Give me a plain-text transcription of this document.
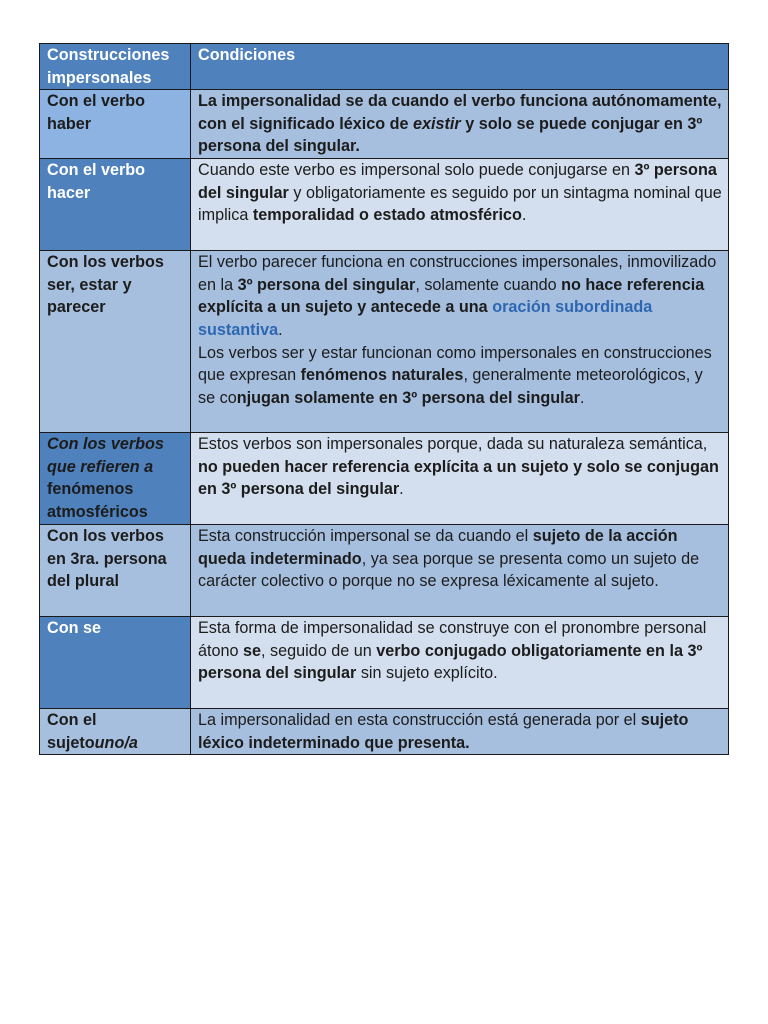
Construcciones impersonales	Condiciones
Con el verbo haber	La impersonalidad se da cuando el verbo funciona autónomamente, con el significado léxico de existir y solo se puede conjugar en 3º persona del singular.
Con el verbo hacer	Cuando este verbo es impersonal solo puede conjugarse en 3º persona del singular y obligatoriamente es seguido por un sintagma nominal que implica temporalidad o estado atmosférico.
Con los verbos ser, estar y parecer	El verbo parecer funciona en construcciones impersonales, inmovilizado en la 3º persona del singular, solamente cuando no hace referencia explícita a un sujeto y antecede a una oración subordinada sustantiva.
Los verbos ser y estar funcionan como impersonales en construcciones que expresan fenómenos naturales, generalmente meteorológicos, y se conjugan solamente en 3º persona del singular.
Con los verbos que refieren a fenómenos atmosféricos	Estos verbos son impersonales porque, dada su naturaleza semántica, no pueden hacer referencia explícita a un sujeto y solo se conjugan en 3º persona del singular.
Con los verbos en 3ra. persona del plural	Esta construcción impersonal se da cuando el sujeto de la acción queda indeterminado, ya sea porque se presenta como un sujeto de carácter colectivo o porque no se expresa léxicamente al sujeto.
Con se	Esta forma de impersonalidad se construye con el pronombre personal átono se, seguido de un verbo conjugado obligatoriamente en la 3º persona del singular sin sujeto explícito.
Con el sujetouno/a	La impersonalidad en esta construcción está generada por el sujeto léxico indeterminado que presenta.
